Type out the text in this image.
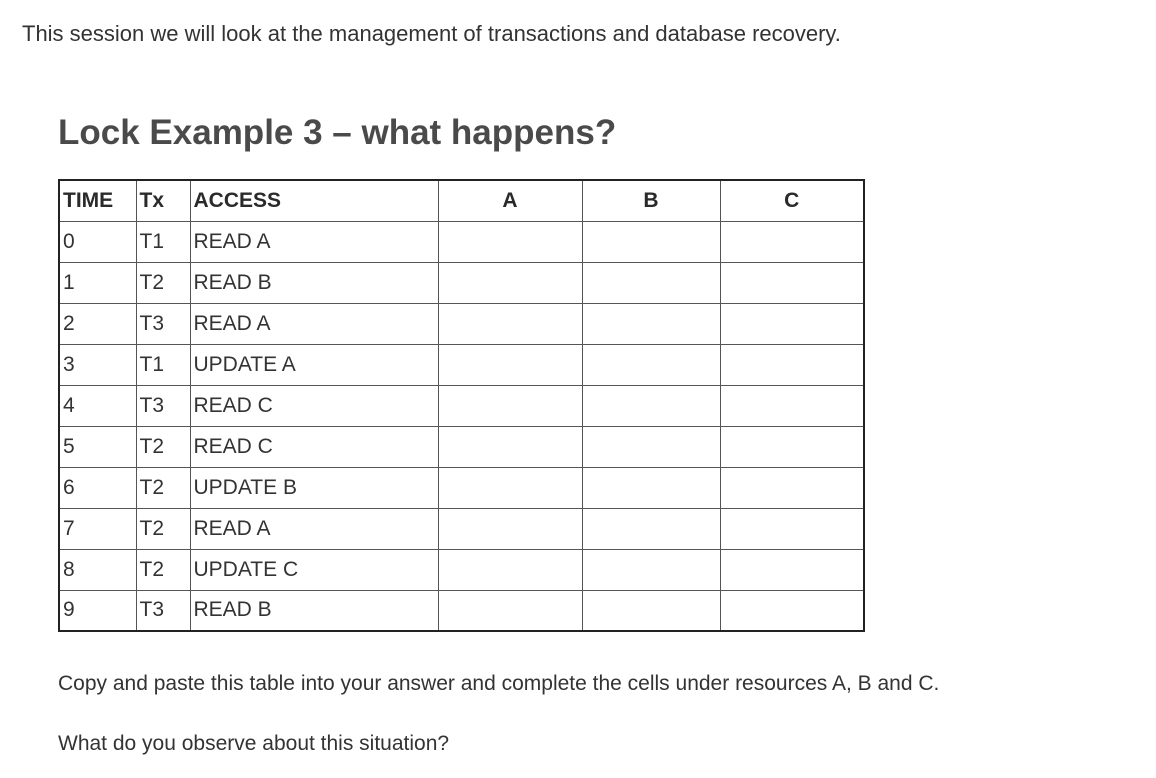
This session we will look at the management of transactions and database recovery.
Lock Example 3 – what happens?
TIME	Tx	ACCESS	A	B	C
0	T1	READ A			
1	T2	READ B			
2	T3	READ A			
3	T1	UPDATE A			
4	T3	READ C			
5	T2	READ C			
6	T2	UPDATE B			
7	T2	READ A			
8	T2	UPDATE C			
9	T3	READ B			
Copy and paste this table into your answer and complete the cells under resources A, B and C.
What do you observe about this situation?
